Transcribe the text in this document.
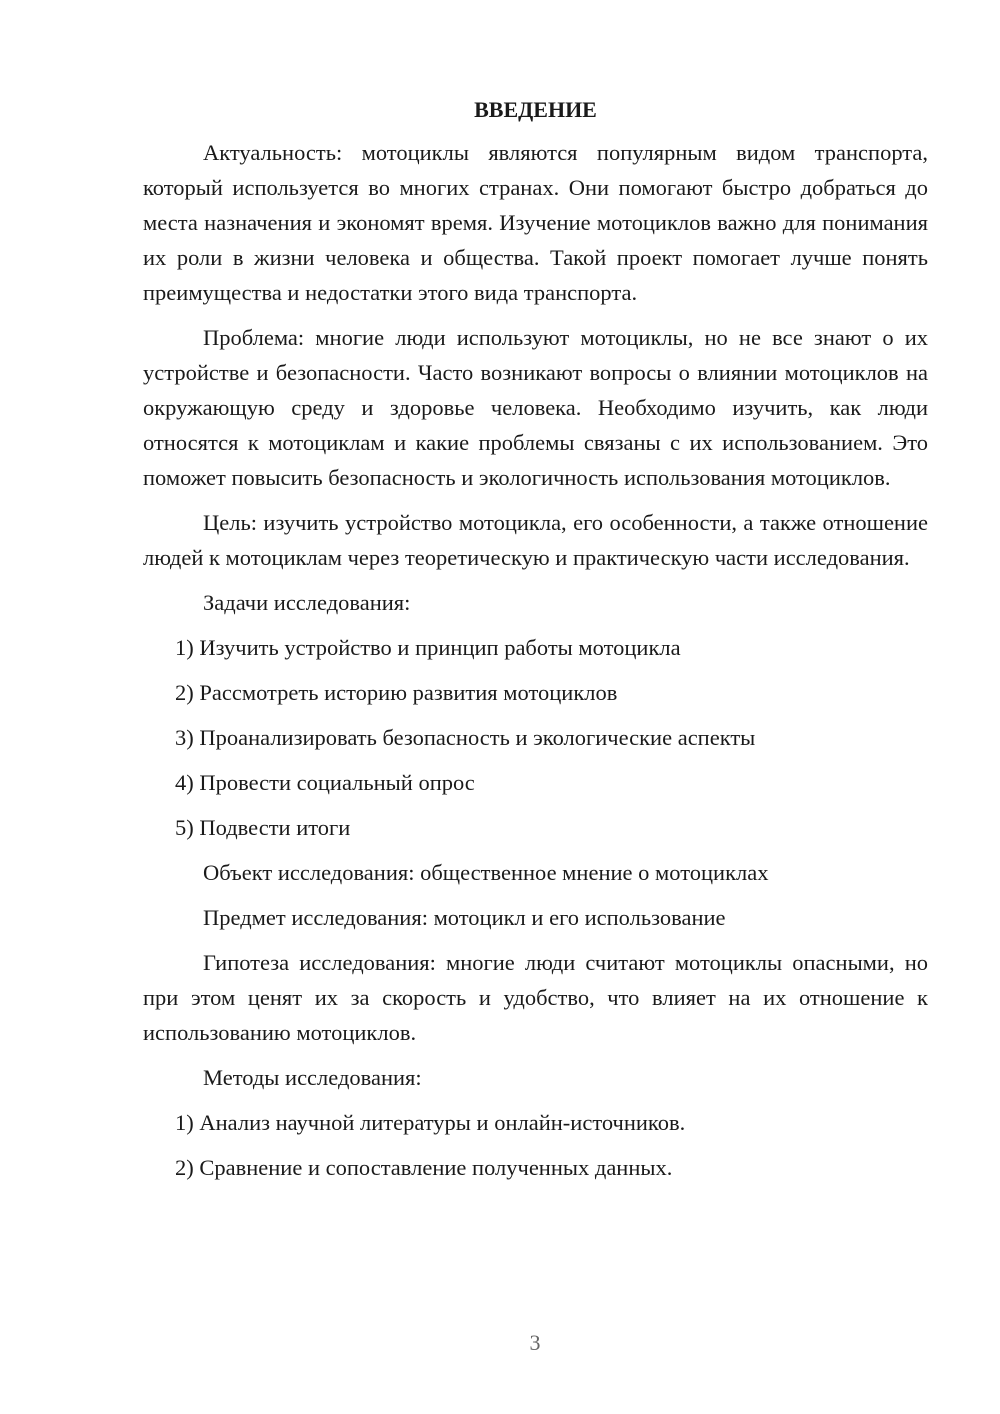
ВВЕДЕНИЕ

Актуальность: мотоциклы являются популярным видом транспорта, который используется во многих странах. Они помогают быстро добраться до места назначения и экономят время. Изучение мотоциклов важно для понимания их роли в жизни человека и общества. Такой проект помогает лучше понять преимущества и недостатки этого вида транспорта.

Проблема: многие люди используют мотоциклы, но не все знают о их устройстве и безопасности. Часто возникают вопросы о влиянии мотоциклов на окружающую среду и здоровье человека. Необходимо изучить, как люди относятся к мотоциклам и какие проблемы связаны с их использованием. Это поможет повысить безопасность и экологичность использования мотоциклов.

Цель: изучить устройство мотоцикла, его особенности, а также отношение людей к мотоциклам через теоретическую и практическую части исследования.

Задачи исследования:
1) Изучить устройство и принцип работы мотоцикла
2) Рассмотреть историю развития мотоциклов
3) Проанализировать безопасность и экологические аспекты
4) Провести социальный опрос
5) Подвести итоги
Объект исследования: общественное мнение о мотоциклах
Предмет исследования: мотоцикл и его использование

Гипотеза исследования: многие люди считают мотоциклы опасными, но при этом ценят их за скорость и удобство, что влияет на их отношение к использованию мотоциклов.

Методы исследования:
1) Анализ научной литературы и онлайн-источников.
2) Сравнение и сопоставление полученных данных.
3
